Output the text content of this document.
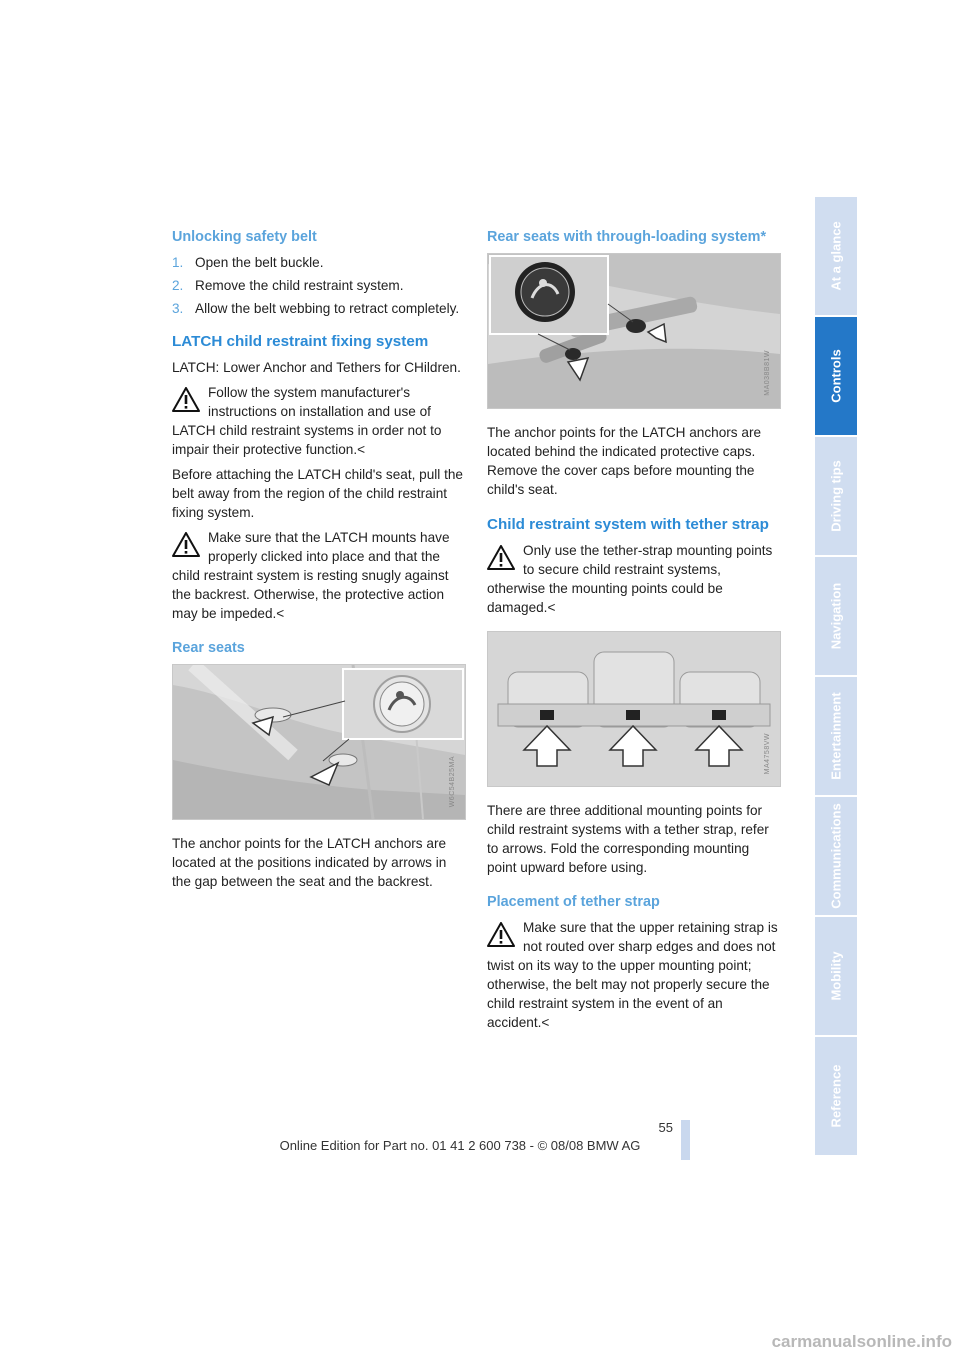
Unlocking safety belt
1. Open the belt buckle.
2. Remove the child restraint system.
3. Allow the belt webbing to retract completely.
LATCH child restraint fixing system

LATCH: Lower Anchor and Tethers for CHildren.

Follow the system manufacturer's instructions on installation and use of LATCH child restraint systems in order not to impair their protective function.<

Before attaching the LATCH child's seat, pull the belt away from the region of the child restraint fixing system.

Make sure that the LATCH mounts have properly clicked into place and that the child restraint system is resting snugly against the backrest. Otherwise, the protective action may be impeded.<
Rear seats
W6C54B25MA

The anchor points for the LATCH anchors are located at the positions indicated by arrows in the gap between the seat and the backrest.

Rear seats with through-loading system*
MA038B81W

The anchor points for the LATCH anchors are located behind the indicated protective caps. Remove the cover caps before mounting the child's seat.

Child restraint system with tether strap
Only use the tether-strap mounting points to secure child restraint systems, otherwise the mounting points could be damaged.<
MA4758VW

There are three additional mounting points for child restraint systems with a tether strap, refer to arrows. Fold the corresponding mounting point upward before using.

Placement of tether strap
Make sure that the upper retaining strap is not routed over sharp edges and does not twist on its way to the upper mounting point; otherwise, the belt may not properly secure the child restraint system in the event of an accident.<
At a glance
Controls
Driving tips
Navigation
Entertainment
Communications
Mobility
Reference
55
Online Edition for Part no. 01 41 2 600 738 - © 08/08 BMW AG
carmanualsonline.info
